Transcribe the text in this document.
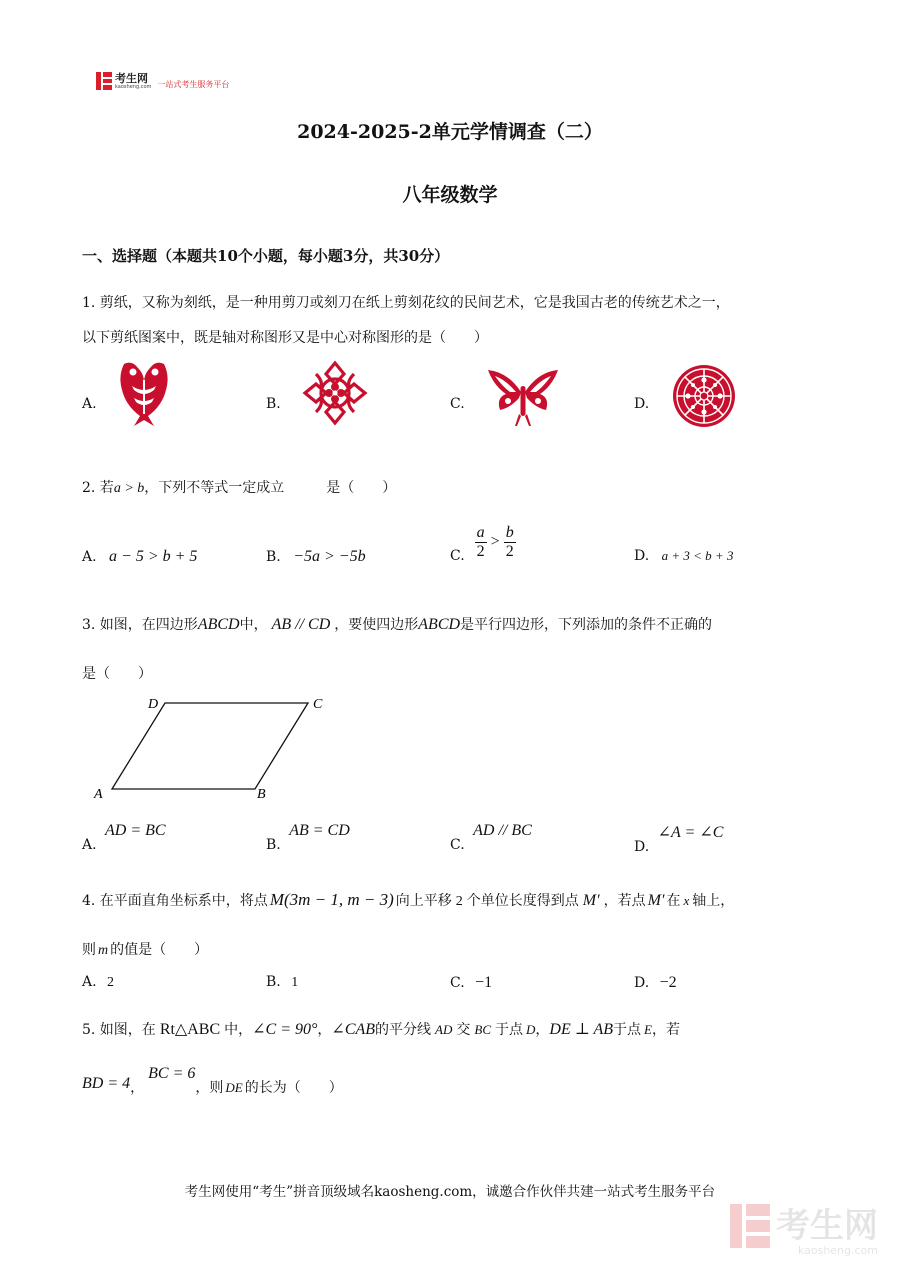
考生网
kaosheng.com 一站式考生服务平台
2024-2025-2单元学情调查（二）
八年级数学
一、选择题（本题共10个小题，每小题3分，共30分）
1. 剪纸，又称为刻纸，是一种用剪刀或刻刀在纸上剪刻花纹的民间艺术，它是我国古老的传统艺术之一，
以下剪纸图案中，既是轴对称图形又是中心对称图形的是（　　）
A.	B.	C.	D.
2. 若a > b，下列不等式一定成立	是（　　）
A. a − 5 > b + 5	B. −5a > −5b	C.
a
2
>
b
2	D. a + 3 < b + 3
3. 如图，在四边形ABCD中， AB // CD ，要使四边形ABCD是平行四边形，下列添加的条件不正确的
是（　　）
A	B
C
D
A. AD = BC
B. AB = CD
C. AD // BC
D. ∠A = ∠C
4. 在平面直角坐标系中，将点 M(3m − 1, m − 3) 向上平移 2 个单位长度得到点 M′ ，若点 M′ 在 x 轴上，
则 m 的值是（　　）
A. 2	B. 1	C. −1	D. −2
5. 如图，在 Rt△ABC 中，∠C = 90°，∠CAB的平分线 AD 交 BC 于点 D，DE ⊥ AB于点 E，若
BD = 4，BC = 6，则 DE 的长为（　　）
考生网使用“考生”拼音顶级域名kaosheng.com，诚邀合作伙伴共建一站式考生服务平台
考生网
kaosheng.com
